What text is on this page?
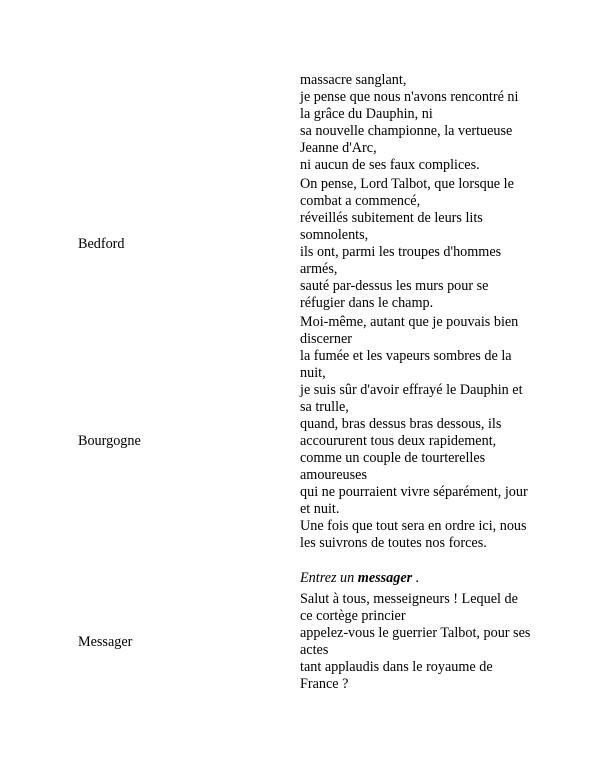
massacre sanglant,
je pense que nous n'avons rencontré ni la grâce du Dauphin, ni
sa nouvelle championne, la vertueuse Jeanne d'Arc,
ni aucun de ses faux complices.
Bedford
On pense, Lord Talbot, que lorsque le combat a commencé,
réveillés subitement de leurs lits somnolents,
ils ont, parmi les troupes d'hommes armés,
sauté par-dessus les murs pour se réfugier dans le champ.
Bourgogne
Moi-même, autant que je pouvais bien discerner
la fumée et les vapeurs sombres de la nuit,
je suis sûr d'avoir effrayé le Dauphin et sa trulle,
quand, bras dessus bras dessous, ils accoururent tous deux rapidement,
comme un couple de tourterelles amoureuses
qui ne pourraient vivre séparément, jour et nuit.
Une fois que tout sera en ordre ici, nous les suivrons de toutes nos forces.
Entrez un messager .
Messager
Salut à tous, messeigneurs ! Lequel de ce cortège princier
appelez-vous le guerrier Talbot, pour ses actes
tant applaudis dans le royaume de France ?
